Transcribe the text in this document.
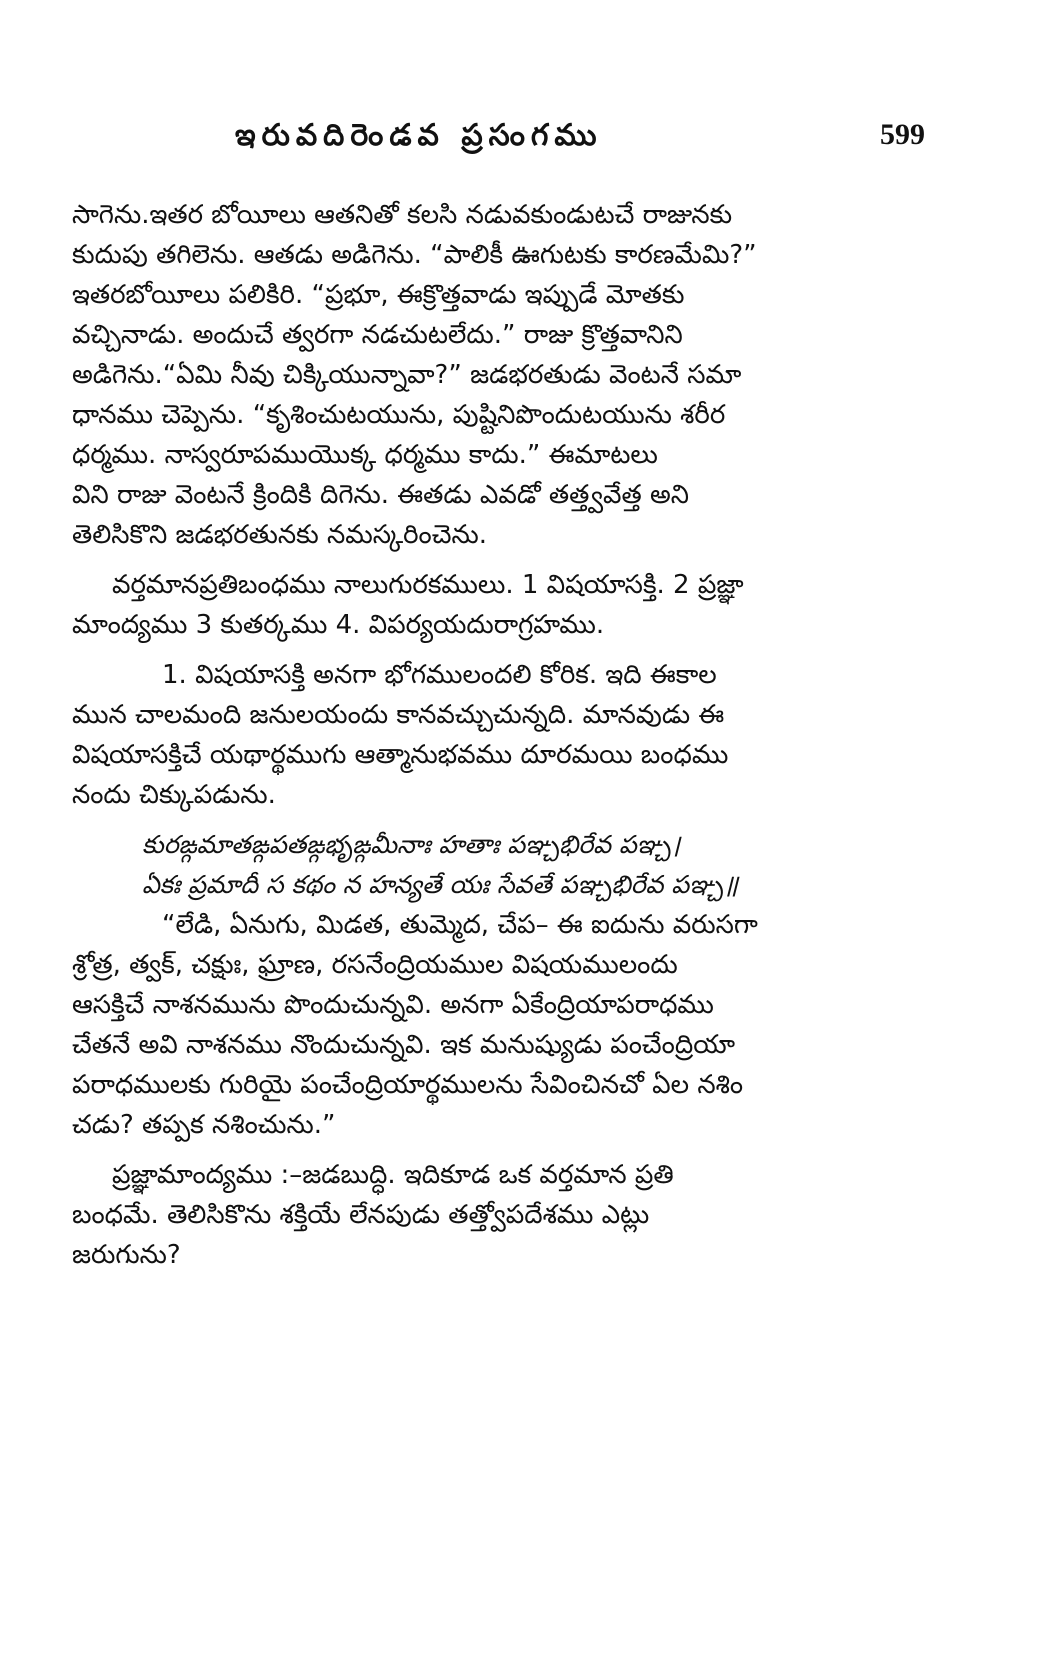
ఇరువదిరెండవ ప్రసంగము	599
సాగెను.ఇతర బోయీలు ఆతనితో కలసి నడువకుండుటచే రాజునకు
కుదుపు తగిలెను. ఆతడు అడిగెను. “పాలికీ ఊగుటకు కారణమేమి?”
ఇతరబోయీలు పలికిరి. “ప్రభూ, ఈక్రొత్తవాడు ఇప్పుడే మోతకు
వచ్చినాడు. అందుచే త్వరగా నడచుటలేదు.” రాజు క్రొత్తవానిని
అడిగెను.“ఏమి నీవు చిక్కియున్నావా?” జడభరతుడు వెంటనే సమా
ధానము చెప్పెను. “కృశించుటయును, పుష్టినిపొందుటయును శరీర
ధర్మము. నాస్వరూపముయొక్క ధర్మము కాదు.” ఈమాటలు
విని రాజు వెంటనే క్రిందికి దిగెను. ఈతడు ఎవడో తత్త్వవేత్త అని
తెలిసికొని జడభరతునకు నమస్కరించెను.
వర్తమానప్రతిబంధము నాలుగురకములు. 1 విషయాసక్తి. 2 ప్రజ్ఞా
మాంద్యము 3 కుతర్కము 4. విపర్యయదురాగ్రహము.
1. విషయాసక్తి అనగా భోగములందలి కోరిక. ఇది ఈకాల
మున చాలమంది జనులయందు కానవచ్చుచున్నది. మానవుడు ఈ
విషయాసక్తిచే యథార్థముగు ఆత్మానుభవము దూరమయి బంధము
నందు చిక్కుపడును.
కురఙ్గమాతఙ్గపతఙ్గభృఙ్గమీనాః హతాః పఞ్చభిరేవ పఞ్చ।
ఏకః ప్రమాదీ స కథం న హన్యతే యః సేవతే పఞ్చభిరేవ పఞ్చ॥
“లేడి, ఏనుగు, మిడత, తుమ్మెద, చేప– ఈ ఐదును వరుసగా
శ్రోత్ర, త్వక్, చక్షుః, ఘ్రాణ, రసనేంద్రియముల విషయములందు
ఆసక్తిచే నాశనమును పొందుచున్నవి. అనగా ఏకేంద్రియాపరాధము
చేతనే అవి నాశనము నొందుచున్నవి. ఇక మనుష్యుడు పంచేంద్రియా
పరాధములకు గురియై పంచేంద్రియార్థములను సేవించినచో ఏల నశిం
చడు? తప్పక నశించును.”
ప్రజ్ఞామాంద్యము :–జడబుద్ధి. ఇదికూడ ఒక వర్తమాన ప్రతి
బంధమే. తెలిసికొను శక్తియే లేనపుడు తత్త్వోపదేశము ఎట్లు
జరుగును?
